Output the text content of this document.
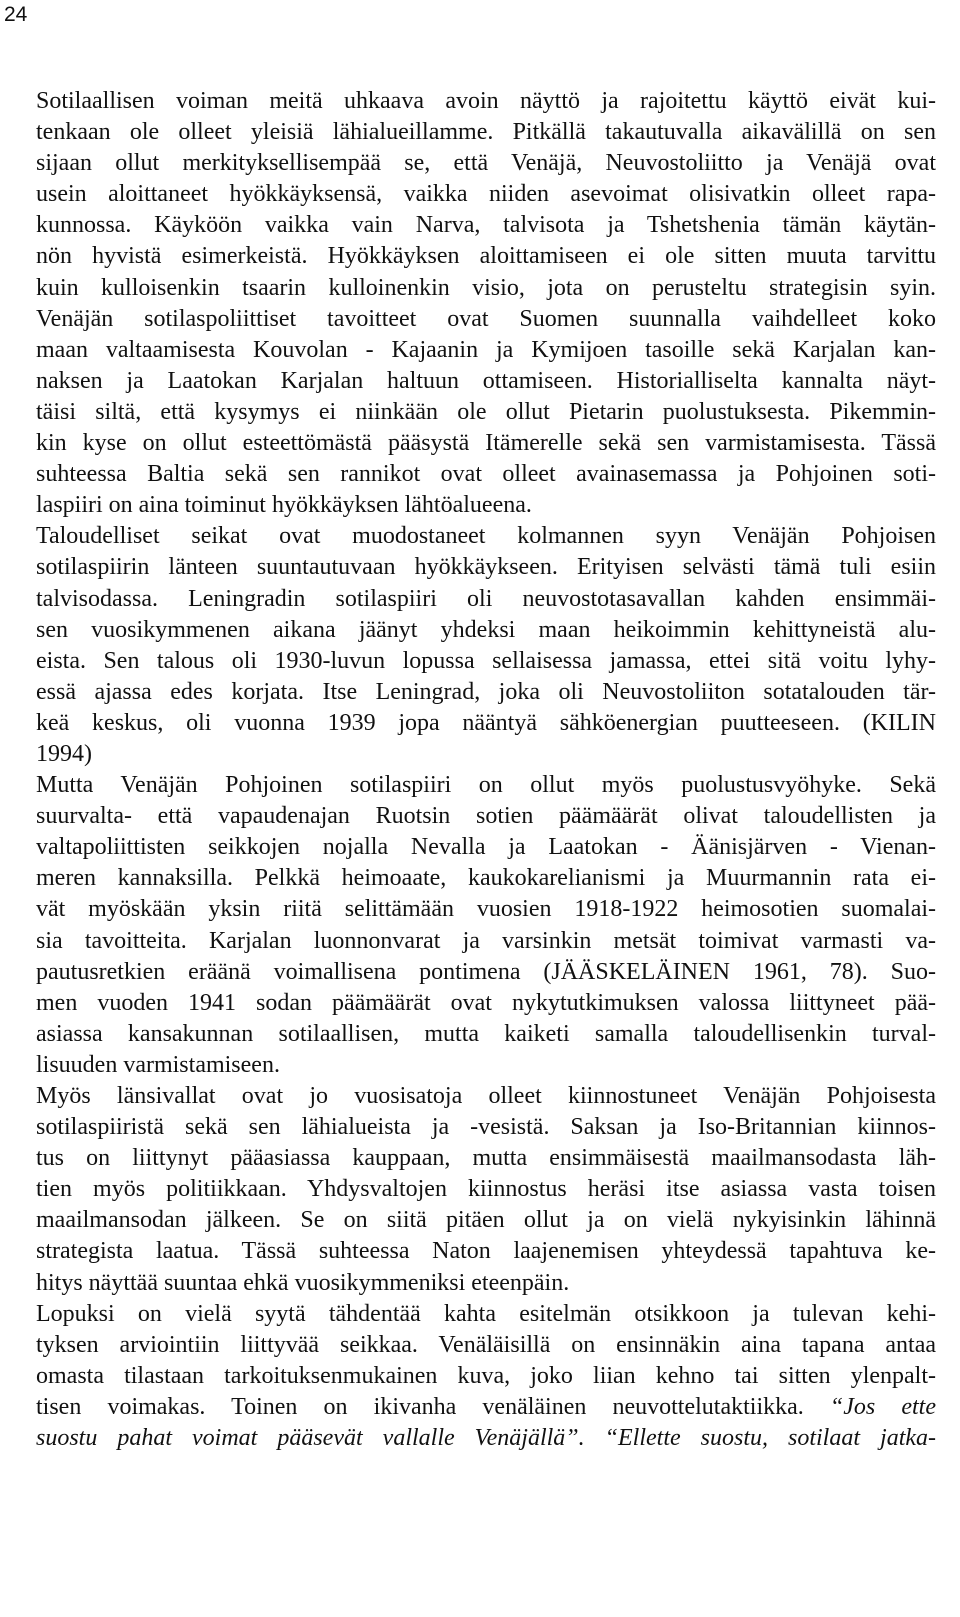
24
Sotilaallisen voiman meitä uhkaava avoin näyttö ja rajoitettu käyttö eivät kui-
tenkaan ole olleet yleisiä lähialueillamme. Pitkällä takautuvalla aikavälillä on sen
sijaan ollut merkityksellisempää se, että Venäjä, Neuvostoliitto ja Venäjä ovat
usein aloittaneet hyökkäyksensä, vaikka niiden asevoimat olisivatkin olleet rapa-
kunnossa. Käyköön vaikka vain Narva, talvisota ja Tshetshenia tämän käytän-
nön hyvistä esimerkeistä. Hyökkäyksen aloittamiseen ei ole sitten muuta tarvittu
kuin kulloisenkin tsaarin kulloinenkin visio, jota on perusteltu strategisin syin.
Venäjän sotilaspoliittiset tavoitteet ovat Suomen suunnalla vaihdelleet koko
maan valtaamisesta Kouvolan - Kajaanin ja Kymijoen tasoille sekä Karjalan kan-
naksen ja Laatokan Karjalan haltuun ottamiseen. Historialliselta kannalta näyt-
täisi siltä, että kysymys ei niinkään ole ollut Pietarin puolustuksesta. Pikemmin-
kin kyse on ollut esteettömästä pääsystä Itämerelle sekä sen varmistamisesta. Tässä
suhteessa Baltia sekä sen rannikot ovat olleet avainasemassa ja Pohjoinen soti-
laspiiri on aina toiminut hyökkäyksen lähtöalueena.
Taloudelliset seikat ovat muodostaneet kolmannen syyn Venäjän Pohjoisen
sotilaspiirin länteen suuntautuvaan hyökkäykseen. Erityisen selvästi tämä tuli esiin
talvisodassa. Leningradin sotilaspiiri oli neuvostotasavallan kahden ensimmäi-
sen vuosikymmenen aikana jäänyt yhdeksi maan heikoimmin kehittyneistä alu-
eista. Sen talous oli 1930-luvun lopussa sellaisessa jamassa, ettei sitä voitu lyhy-
essä ajassa edes korjata. Itse Leningrad, joka oli Neuvostoliiton sotatalouden tär-
keä keskus, oli vuonna 1939 jopa nääntyä sähköenergian puutteeseen. (KILIN
1994)
Mutta Venäjän Pohjoinen sotilaspiiri on ollut myös puolustusvyöhyke. Sekä
suurvalta- että vapaudenajan Ruotsin sotien päämäärät olivat taloudellisten ja
valtapoliittisten seikkojen nojalla Nevalla ja Laatokan - Äänisjärven - Vienan-
meren kannaksilla. Pelkkä heimoaate, kaukokarelianismi ja Muurmannin rata ei-
vät myöskään yksin riitä selittämään vuosien 1918-1922 heimosotien suomalai-
sia tavoitteita. Karjalan luonnonvarat ja varsinkin metsät toimivat varmasti va-
pautusretkien eräänä voimallisena pontimena (JÄÄSKELÄINEN 1961, 78). Suo-
men vuoden 1941 sodan päämäärät ovat nykytutkimuksen valossa liittyneet pää-
asiassa kansakunnan sotilaallisen, mutta kaiketi samalla taloudellisenkin turval-
lisuuden varmistamiseen.
Myös länsivallat ovat jo vuosisatoja olleet kiinnostuneet Venäjän Pohjoisesta
sotilaspiiristä sekä sen lähialueista ja -vesistä. Saksan ja Iso-Britannian kiinnos-
tus on liittynyt pääasiassa kauppaan, mutta ensimmäisestä maailmansodasta läh-
tien myös politiikkaan. Yhdysvaltojen kiinnostus heräsi itse asiassa vasta toisen
maailmansodan jälkeen. Se on siitä pitäen ollut ja on vielä nykyisinkin lähinnä
strategista laatua. Tässä suhteessa Naton laajenemisen yhteydessä tapahtuva ke-
hitys näyttää suuntaa ehkä vuosikymmeniksi eteenpäin.
Lopuksi on vielä syytä tähdentää kahta esitelmän otsikkoon ja tulevan kehi-
tyksen arviointiin liittyvää seikkaa. Venäläisillä on ensinnäkin aina tapana antaa
omasta tilastaan tarkoituksenmukainen kuva, joko liian kehno tai sitten ylenpalt-
tisen voimakas. Toinen on ikivanha venäläinen neuvottelutaktiikka. “Jos ette
suostu pahat voimat pääsevät vallalle Venäjällä”. “Ellette suostu, sotilaat jatka-
